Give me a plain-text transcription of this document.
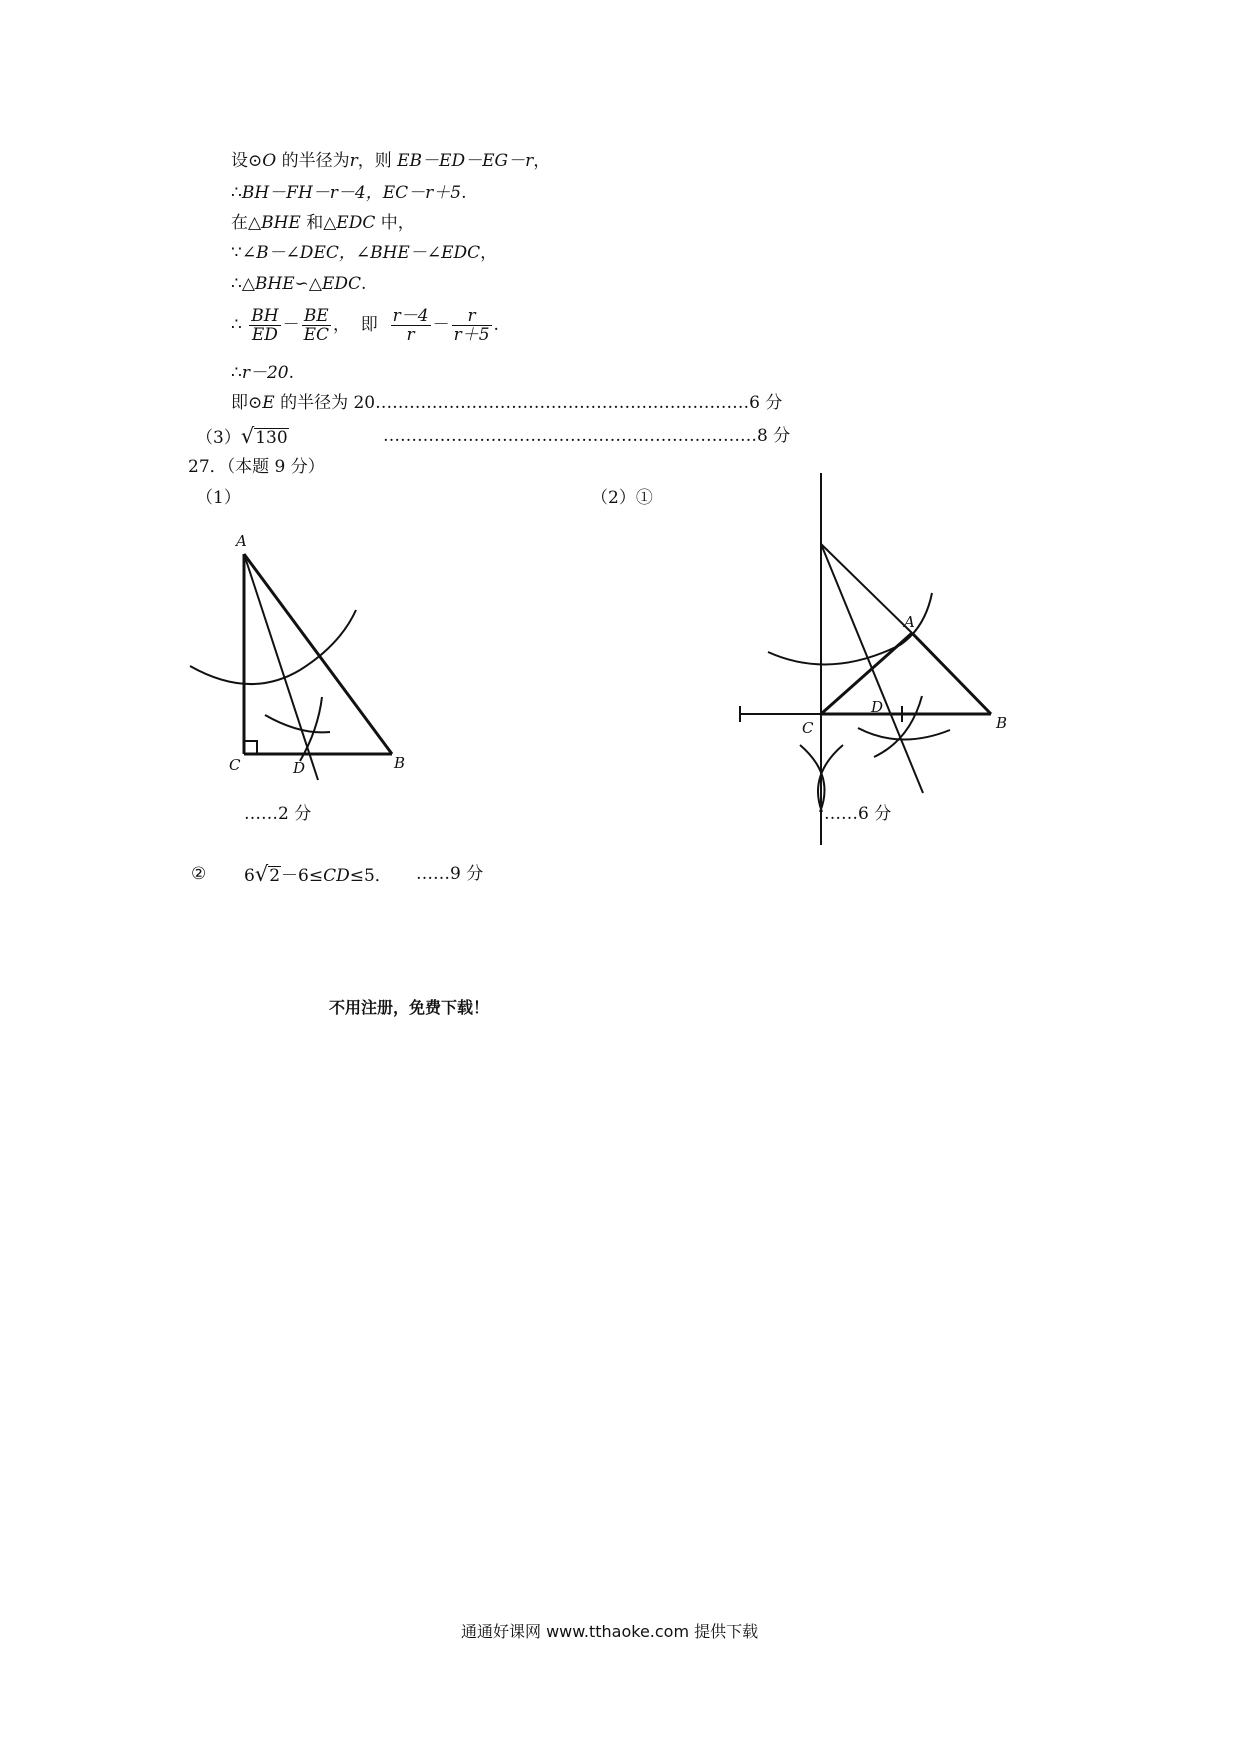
设⊙O 的半径为r，则 EB－ED－EG－r，
∴BH－FH－r－4，EC－r＋5.
在△BHE 和△EDC 中，
∵∠B－∠DEC，∠BHE－∠EDC，
∴△BHE∽△EDC.
∴ $\frac{BH}{ED} - \frac{BE}{EC}$ ， 即 $\frac{r-4}{r} - \frac{r}{r+5}$ .
∴r－20.
即⊙E 的半径为 20…………………………………………………………6 分
（3）√130	…………………………………………………………8 分
27．（本题 9 分）
（1）	（2）①
A
C	D	B
A
C
D
B
……2 分	……6 分
② 6√2－6≤CD≤5． ……9 分
不用注册，免费下载！
通通好课网 www.tthaoke.com 提供下载
